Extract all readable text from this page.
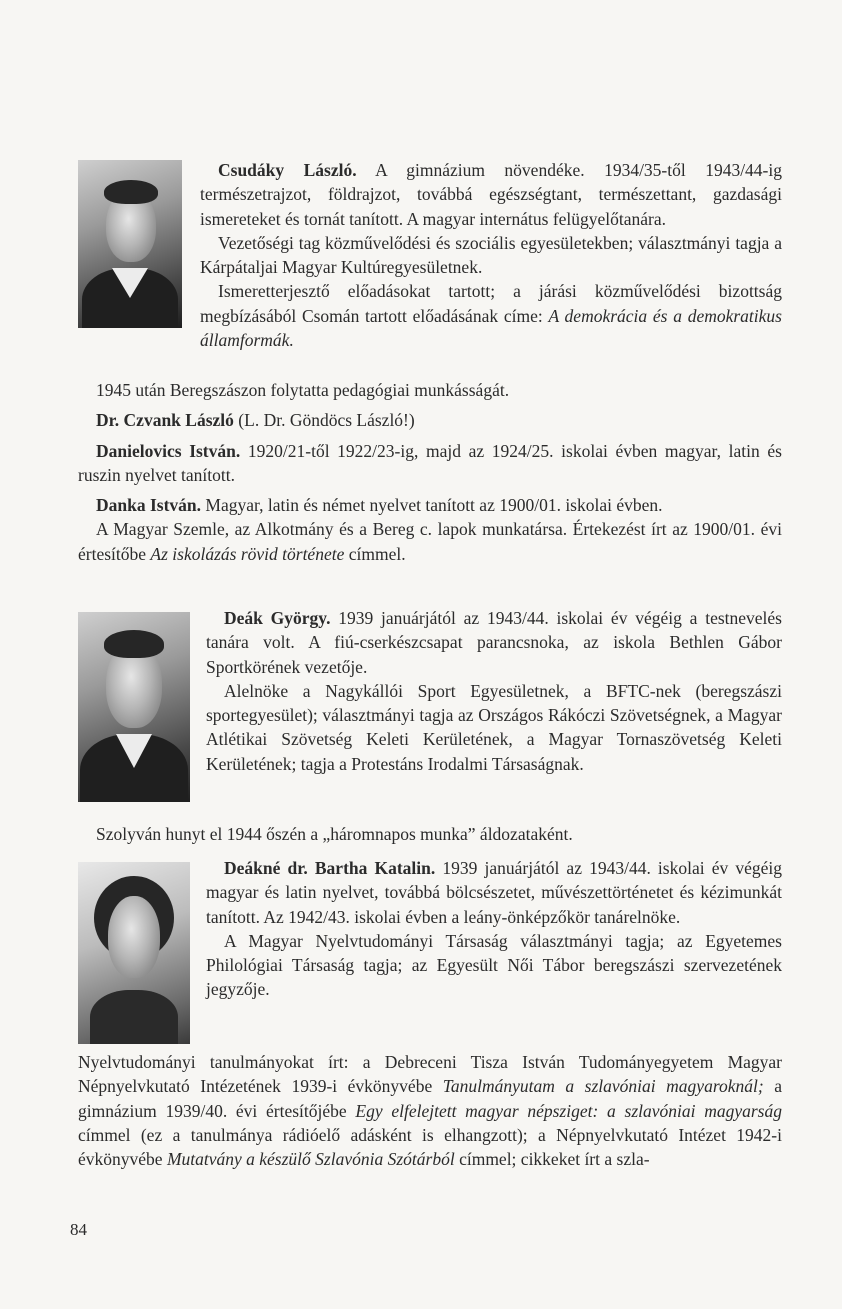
Csudáky László. A gimnázium növendéke. 1934/35-től 1943/44-ig természetrajzot, földrajzot, továbbá egészségtant, természettant, gazdasági ismereteket és tornát tanított. A magyar internátus felügyelőtanára.

Vezetőségi tag közművelődési és szociális egyesületekben; választmányi tagja a Kárpátaljai Magyar Kultúregyesületnek.

Ismeretterjesztő előadásokat tartott; a járási közművelődési bizottság megbízásából Csomán tartott előadásának címe: A demokrácia és a demokratikus államformák.

1945 után Beregszászon folytatta pedagógiai munkásságát.

Dr. Czvank László (L. Dr. Göndöcs László!)

Danielovics István. 1920/21-től 1922/23-ig, majd az 1924/25. iskolai évben magyar, latin és ruszin nyelvet tanított.

Danka István. Magyar, latin és német nyelvet tanított az 1900/01. iskolai évben.

A Magyar Szemle, az Alkotmány és a Bereg c. lapok munkatársa. Értekezést írt az 1900/01. évi értesítőbe Az iskolázás rövid története címmel.

Deák György. 1939 januárjától az 1943/44. iskolai év végéig a testnevelés tanára volt. A fiú-cserkészcsapat parancsnoka, az iskola Bethlen Gábor Sportkörének vezetője.

Alelnöke a Nagykállói Sport Egyesületnek, a BFTC-nek (beregszászi sportegyesület); választmányi tagja az Országos Rákóczi Szövetségnek, a Magyar Atlétikai Szövetség Keleti Kerületének, a Magyar Tornaszövetség Keleti Kerületének; tagja a Protestáns Irodalmi Társaságnak.

Szolyván hunyt el 1944 őszén a „háromnapos munka” áldozataként.

Deákné dr. Bartha Katalin. 1939 januárjától az 1943/44. iskolai év végéig magyar és latin nyelvet, továbbá bölcsészetet, művészettörténetet és kézimunkát tanított. Az 1942/43. iskolai évben a leány-önképzőkör tanárelnöke.

A Magyar Nyelvtudományi Társaság választmányi tagja; az Egyetemes Philológiai Társaság tagja; az Egyesült Női Tábor beregszászi szervezetének jegyzője.

Nyelvtudományi tanulmányokat írt: a Debreceni Tisza István Tudományegyetem Magyar Népnyelvkutató Intézetének 1939-i évkönyvébe Tanulmányutam a szlavóniai magyaroknál; a gimnázium 1939/40. évi értesítőjébe Egy elfelejtett magyar népsziget: a szlavóniai magyarság címmel (ez a tanulmánya rádióelő adásként is elhangzott); a Népnyelvkutató Intézet 1942-i évkönyvébe Mutatvány a készülő Szlavónia Szótárból címmel; cikkeket írt a szla-

84
